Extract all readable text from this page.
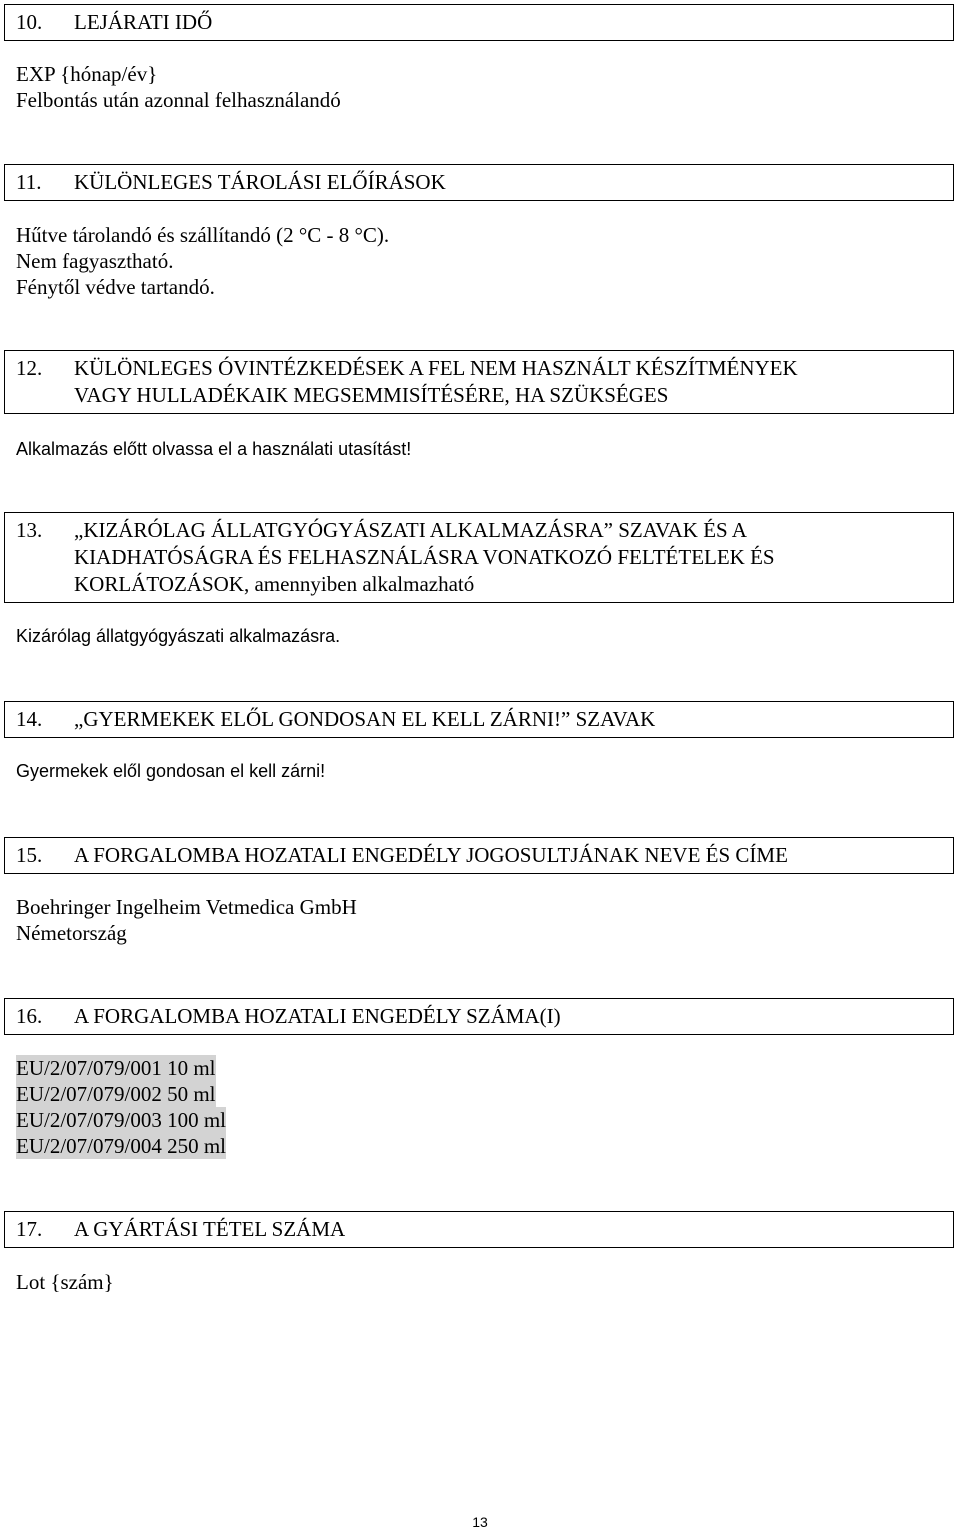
10.	LEJÁRATI IDŐ
EXP {hónap/év}
Felbontás után azonnal felhasználandó
11.	KÜLÖNLEGES TÁROLÁSI ELŐÍRÁSOK
Hűtve tárolandó és szállítandó (2 °C - 8 °C).
Nem fagyasztható.
Fénytől védve tartandó.
12.	KÜLÖNLEGES ÓVINTÉZKEDÉSEK A FEL NEM HASZNÁLT KÉSZÍTMÉNYEK
VAGY HULLADÉKAIK MEGSEMMISÍTÉSÉRE, HA SZÜKSÉGES
Alkalmazás előtt olvassa el a használati utasítást!
13.	„KIZÁRÓLAG ÁLLATGYÓGYÁSZATI ALKALMAZÁSRA” SZAVAK ÉS A
KIADHATÓSÁGRA ÉS FELHASZNÁLÁSRA VONATKOZÓ FELTÉTELEK ÉS
KORLÁTOZÁSOK, amennyiben alkalmazható
Kizárólag állatgyógyászati alkalmazásra.
14.	„GYERMEKEK ELŐL GONDOSAN EL KELL ZÁRNI!” SZAVAK
Gyermekek elől gondosan el kell zárni!
15.	A FORGALOMBA HOZATALI ENGEDÉLY JOGOSULTJÁNAK NEVE ÉS CÍME
Boehringer Ingelheim Vetmedica GmbH
Németország
16.	A FORGALOMBA HOZATALI ENGEDÉLY SZÁMA(I)
EU/2/07/079/001 10 ml
EU/2/07/079/002 50 ml
EU/2/07/079/003 100 ml
EU/2/07/079/004 250 ml
17.	A GYÁRTÁSI TÉTEL SZÁMA
Lot {szám}
13
